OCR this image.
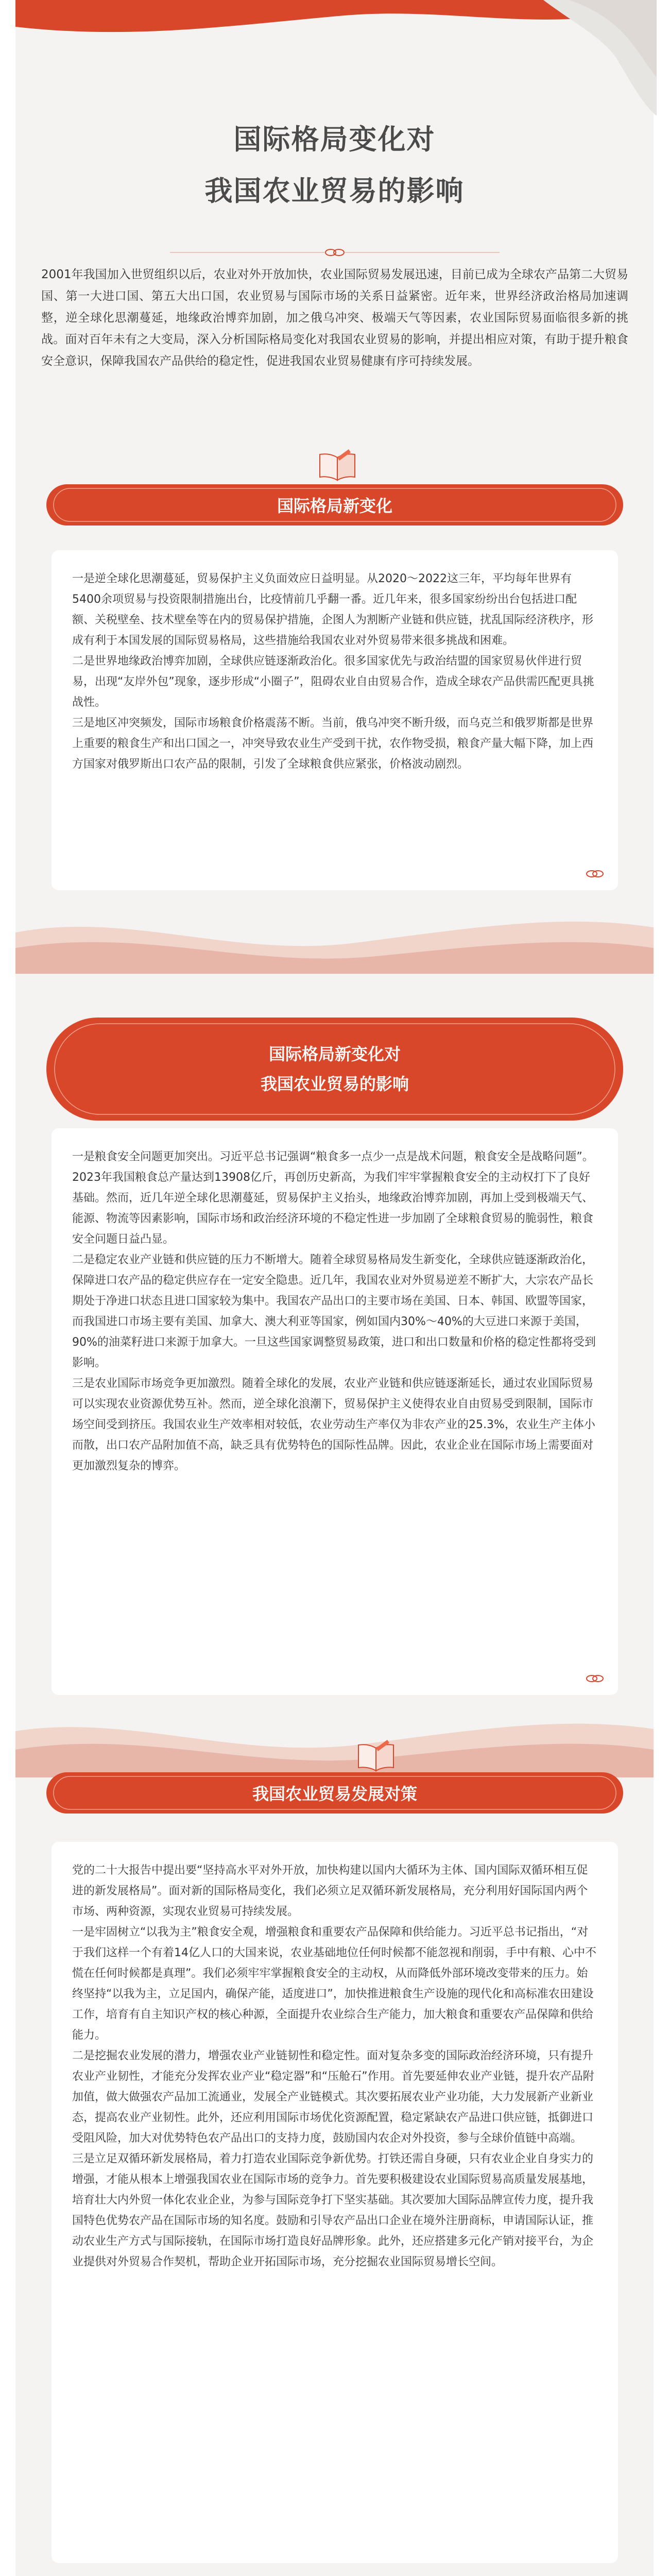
国际格局变化对
我国农业贸易的影响
2001年我国加入世贸组织以后，农业对外开放加快，农业国际贸易发展迅速，目前已成为全球农产品第二大贸易国、第一大进口国、第五大出口国，农业贸易与国际市场的关系日益紧密。近年来，世界经济政治格局加速调整，逆全球化思潮蔓延，地缘政治博弈加剧，加之俄乌冲突、极端天气等因素，农业国际贸易面临很多新的挑战。面对百年未有之大变局，深入分析国际格局变化对我国农业贸易的影响，并提出相应对策，有助于提升粮食安全意识，保障我国农产品供给的稳定性，促进我国农业贸易健康有序可持续发展。
国际格局新变化

一是逆全球化思潮蔓延，贸易保护主义负面效应日益明显。从2020～2022这三年，平均每年世界有5400余项贸易与投资限制措施出台，比疫情前几乎翻一番。近几年来，很多国家纷纷出台包括进口配额、关税壁垒、技术壁垒等在内的贸易保护措施，企图人为割断产业链和供应链，扰乱国际经济秩序，形成有利于本国发展的国际贸易格局，这些措施给我国农业对外贸易带来很多挑战和困难。

二是世界地缘政治博弈加剧，全球供应链逐渐政治化。很多国家优先与政治结盟的国家贸易伙伴进行贸易，出现“友岸外包”现象，逐步形成“小圈子”，阻碍农业自由贸易合作，造成全球农产品供需匹配更具挑战性。

三是地区冲突频发，国际市场粮食价格震荡不断。当前，俄乌冲突不断升级，而乌克兰和俄罗斯都是世界上重要的粮食生产和出口国之一，冲突导致农业生产受到干扰，农作物受损，粮食产量大幅下降，加上西方国家对俄罗斯出口农产品的限制，引发了全球粮食供应紧张，价格波动剧烈。

国际格局新变化对
我国农业贸易的影响

一是粮食安全问题更加突出。习近平总书记强调“粮食多一点少一点是战术问题，粮食安全是战略问题”。2023年我国粮食总产量达到13908亿斤，再创历史新高，为我们牢牢掌握粮食安全的主动权打下了良好基础。然而，近几年逆全球化思潮蔓延，贸易保护主义抬头，地缘政治博弈加剧，再加上受到极端天气、能源、物流等因素影响，国际市场和政治经济环境的不稳定性进一步加剧了全球粮食贸易的脆弱性，粮食安全问题日益凸显。

二是稳定农业产业链和供应链的压力不断增大。随着全球贸易格局发生新变化，全球供应链逐渐政治化，保障进口农产品的稳定供应存在一定安全隐患。近几年，我国农业对外贸易逆差不断扩大，大宗农产品长期处于净进口状态且进口国家较为集中。我国农产品出口的主要市场在美国、日本、韩国、欧盟等国家，而我国进口市场主要有美国、加拿大、澳大利亚等国家，例如国内30%～40%的大豆进口来源于美国，90%的油菜籽进口来源于加拿大。一旦这些国家调整贸易政策，进口和出口数量和价格的稳定性都将受到影响。

三是农业国际市场竞争更加激烈。随着全球化的发展，农业产业链和供应链逐渐延长，通过农业国际贸易可以实现农业资源优势互补。然而，逆全球化浪潮下，贸易保护主义使得农业自由贸易受到限制，国际市场空间受到挤压。我国农业生产效率相对较低，农业劳动生产率仅为非农产业的25.3%，农业生产主体小而散，出口农产品附加值不高，缺乏具有优势特色的国际性品牌。因此，农业企业在国际市场上需要面对更加激烈复杂的博弈。

我国农业贸易发展对策

党的二十大报告中提出要“坚持高水平对外开放，加快构建以国内大循环为主体、国内国际双循环相互促进的新发展格局”。面对新的国际格局变化，我们必须立足双循环新发展格局，充分利用好国际国内两个市场、两种资源，实现农业贸易可持续发展。

一是牢固树立“以我为主”粮食安全观，增强粮食和重要农产品保障和供给能力。习近平总书记指出，“对于我们这样一个有着14亿人口的大国来说，农业基础地位任何时候都不能忽视和削弱，手中有粮、心中不慌在任何时候都是真理”。我们必须牢牢掌握粮食安全的主动权，从而降低外部环境改变带来的压力。始终坚持“以我为主，立足国内，确保产能，适度进口”，加快推进粮食生产设施的现代化和高标准农田建设工作，培育有自主知识产权的核心种源，全面提升农业综合生产能力，加大粮食和重要农产品保障和供给能力。

二是挖掘农业发展的潜力，增强农业产业链韧性和稳定性。面对复杂多变的国际政治经济环境，只有提升农业产业韧性，才能充分发挥农业产业“稳定器”和“压舱石”作用。首先要延伸农业产业链，提升农产品附加值，做大做强农产品加工流通业，发展全产业链模式。其次要拓展农业产业功能，大力发展新产业新业态，提高农业产业韧性。此外，还应利用国际市场优化资源配置，稳定紧缺农产品进口供应链，抵御进口受阻风险，加大对优势特色农产品出口的支持力度，鼓励国内农企对外投资，参与全球价值链中高端。

三是立足双循环新发展格局，着力打造农业国际竞争新优势。打铁还需自身硬，只有农业企业自身实力的增强，才能从根本上增强我国农业在国际市场的竞争力。首先要积极建设农业国际贸易高质量发展基地，培育壮大内外贸一体化农业企业，为参与国际竞争打下坚实基础。其次要加大国际品牌宣传力度，提升我国特色优势农产品在国际市场的知名度。鼓励和引导农产品出口企业在境外注册商标，申请国际认证，推动农业生产方式与国际接轨，在国际市场打造良好品牌形象。此外，还应搭建多元化产销对接平台，为企业提供对外贸易合作契机，帮助企业开拓国际市场，充分挖掘农业国际贸易增长空间。
